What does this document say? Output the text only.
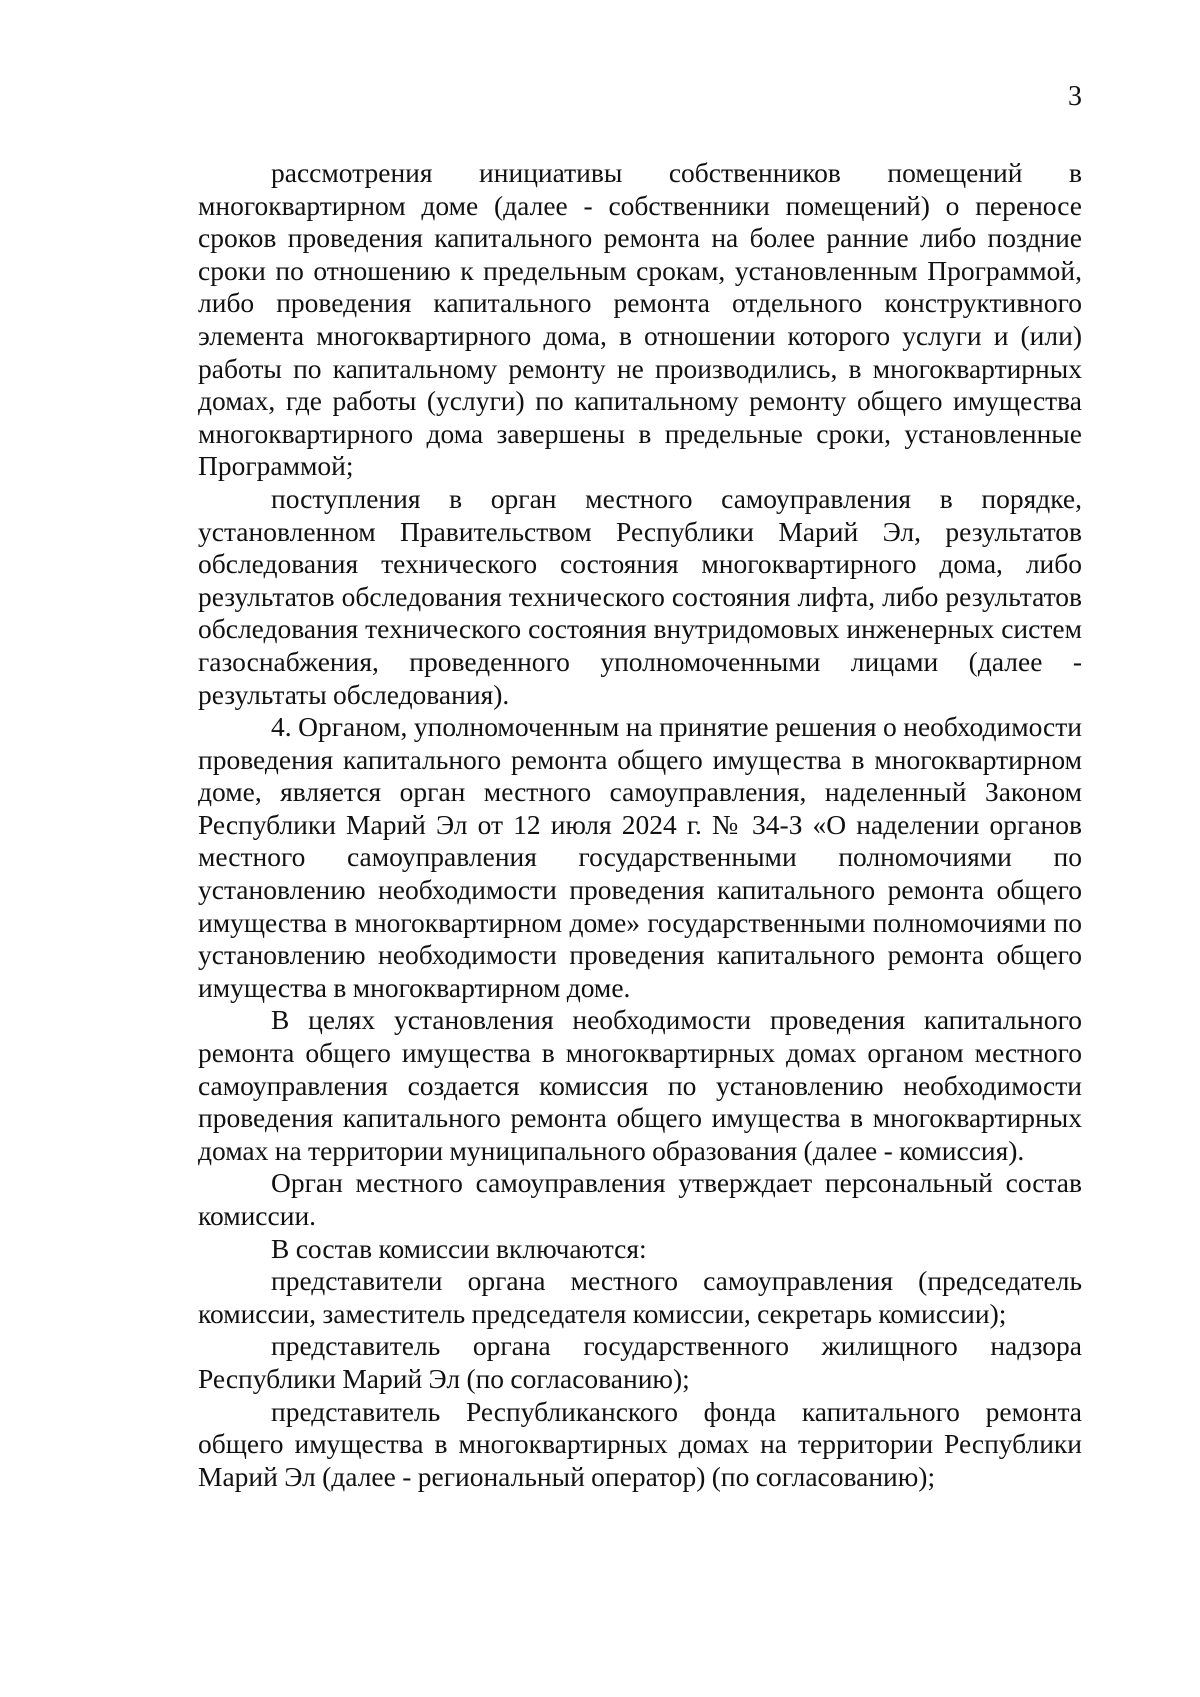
3

рассмотрения инициативы собственников помещений в многоквартирном доме (далее - собственники помещений) о переносе сроков проведения капитального ремонта на более ранние либо поздние сроки по отношению к предельным срокам, установленным Программой, либо проведения капитального ремонта отдельного конструктивного элемента многоквартирного дома, в отношении которого услуги и (или) работы по капитальному ремонту не производились, в многоквартирных домах, где работы (услуги) по капитальному ремонту общего имущества многоквартирного дома завершены в предельные сроки, установленные Программой;

поступления в орган местного самоуправления в порядке, установленном Правительством Республики Марий Эл, результатов обследования технического состояния многоквартирного дома, либо результатов обследования технического состояния лифта, либо результатов обследования технического состояния внутридомовых инженерных систем газоснабжения, проведенного уполномоченными лицами (далее - результаты обследования).

4. Органом, уполномоченным на принятие решения о необходимости проведения капитального ремонта общего имущества в многоквартирном доме, является орган местного самоуправления, наделенный Законом Республики Марий Эл от 12 июля 2024 г. № 34-З «О наделении органов местного самоуправления государственными полномочиями по установлению необходимости проведения капитального ремонта общего имущества в многоквартирном доме» государственными полномочиями по установлению необходимости проведения капитального ремонта общего имущества в многоквартирном доме.

В целях установления необходимости проведения капитального ремонта общего имущества в многоквартирных домах органом местного самоуправления создается комиссия по установлению необходимости проведения капитального ремонта общего имущества в многоквартирных домах на территории муниципального образования (далее - комиссия).

Орган местного самоуправления утверждает персональный состав комиссии.

В состав комиссии включаются:

представители органа местного самоуправления (председатель комиссии, заместитель председателя комиссии, секретарь комиссии);

представитель органа государственного жилищного надзора Республики Марий Эл (по согласованию);

представитель Республиканского фонда капитального ремонта общего имущества в многоквартирных домах на территории Республики Марий Эл (далее - региональный оператор) (по согласованию);
